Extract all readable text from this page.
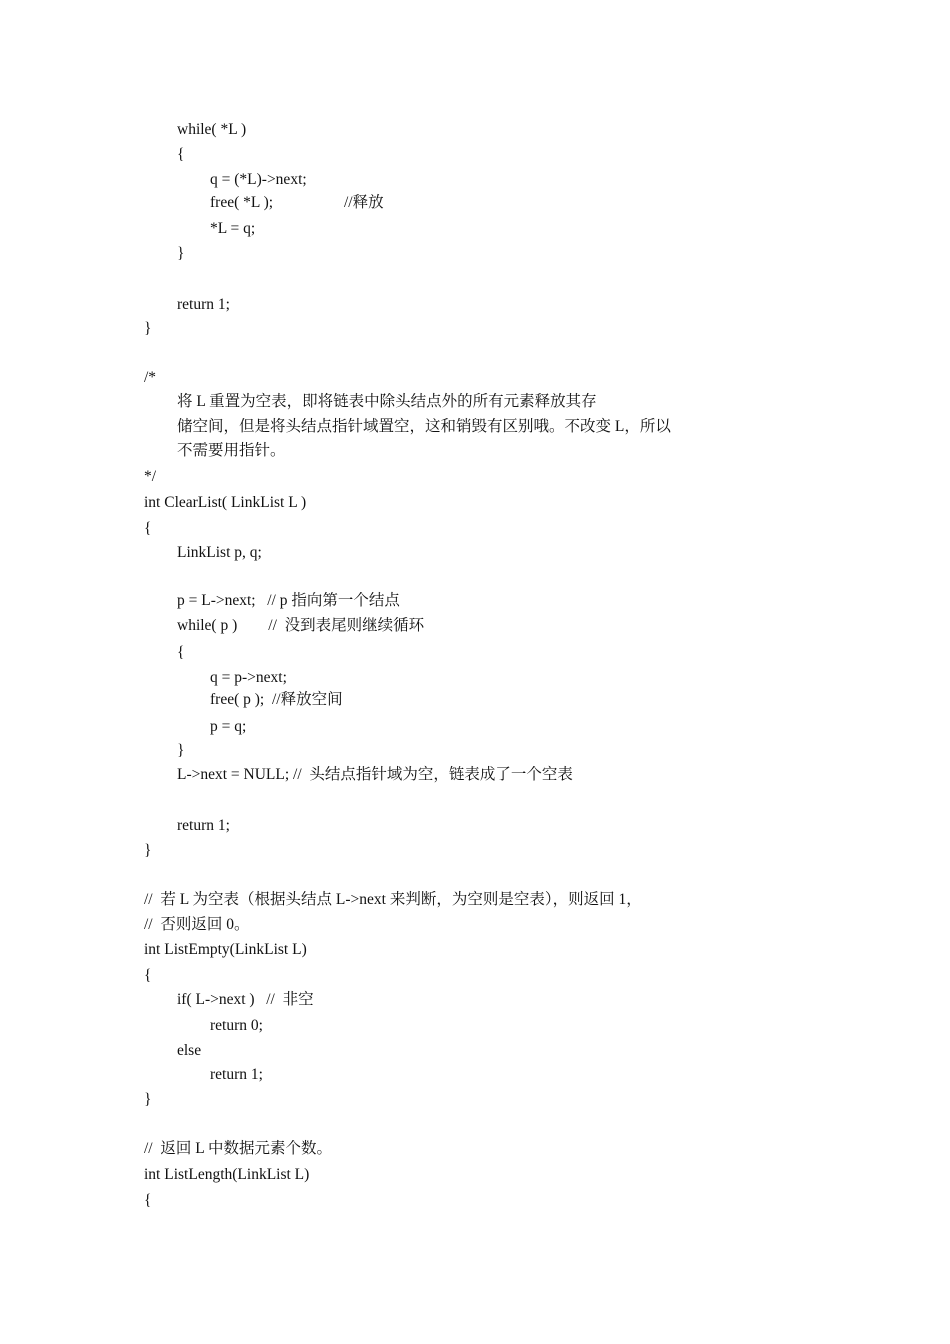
while( *L )
{
q = (*L)->next;
free( *L );	//释放
*L = q;
}
return 1;
}
/*
将 L 重置为空表，即将链表中除头结点外的所有元素释放其存
储空间，但是将头结点指针域置空，这和销毁有区别哦。不改变 L，所以
不需要用指针。
*/
int ClearList( LinkList L )
{
LinkList p, q;
p = L->next;   // p 指向第一个结点
while( p )        //  没到表尾则继续循环
{
q = p->next;
free( p );  //释放空间
p = q;
}
L->next = NULL; //  头结点指针域为空，链表成了一个空表
return 1;
}
//  若 L 为空表（根据头结点 L->next 来判断，为空则是空表），则返回 1，
//  否则返回 0。
int ListEmpty(LinkList L)
{
if( L->next )   //  非空
return 0;
else
return 1;
}
//  返回 L 中数据元素个数。
int ListLength(LinkList L)
{
